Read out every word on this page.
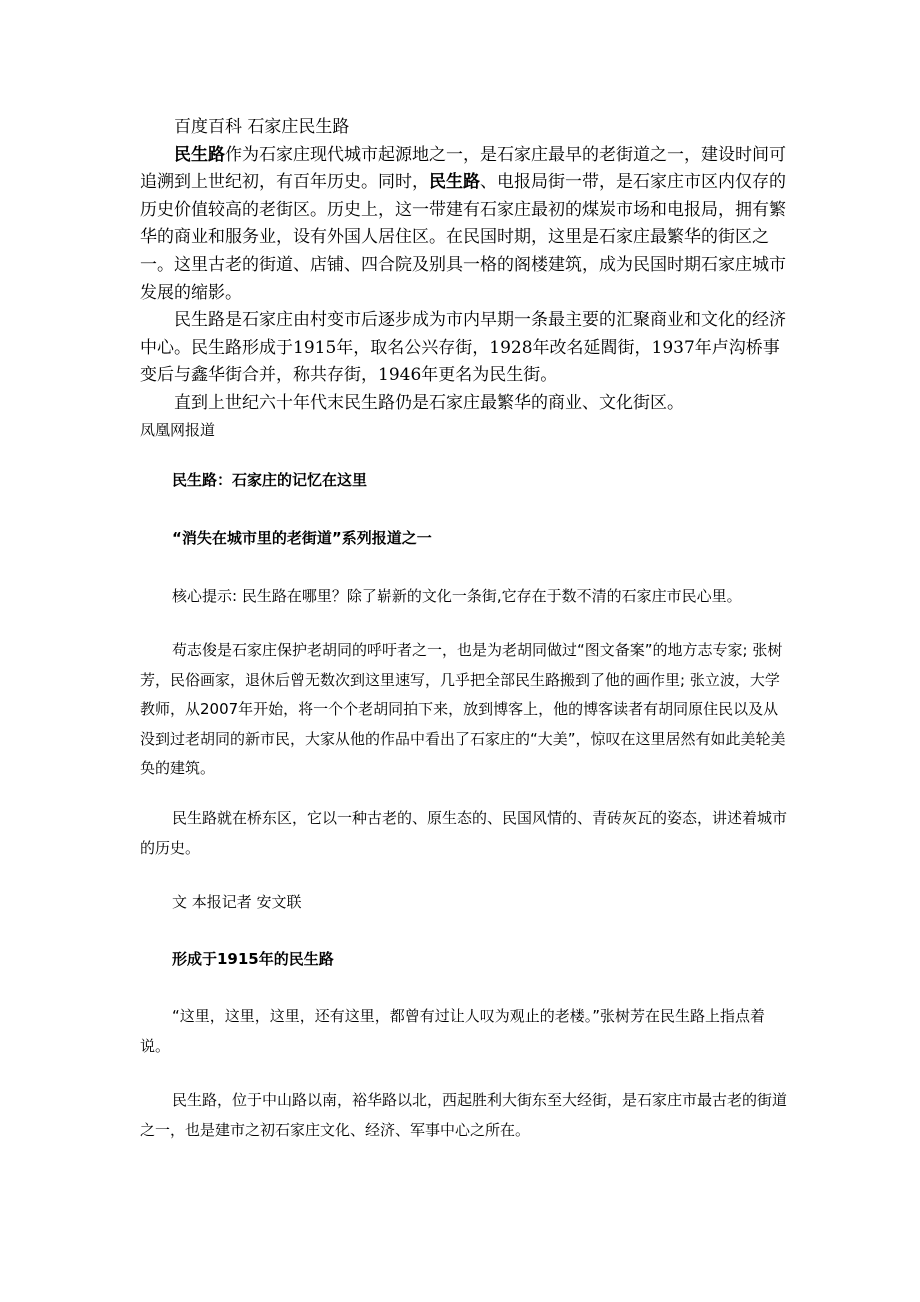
百度百科 石家庄民生路

民生路作为石家庄现代城市起源地之一，是石家庄最早的老街道之一，建设时间可追溯到上世纪初，有百年历史。同时，民生路、电报局街一带，是石家庄市区内仅存的历史价值较高的老街区。历史上，这一带建有石家庄最初的煤炭市场和电报局，拥有繁华的商业和服务业，设有外国人居住区。在民国时期，这里是石家庄最繁华的街区之一。这里古老的街道、店铺、四合院及别具一格的阁楼建筑，成为民国时期石家庄城市发展的缩影。

民生路是石家庄由村变市后逐步成为市内早期一条最主要的汇聚商业和文化的经济中心。民生路形成于1915年，取名公兴存街，1928年改名延閻街，1937年卢沟桥事变后与鑫华街合并，称共存街，1946年更名为民生街。

直到上世纪六十年代末民生路仍是石家庄最繁华的商业、文化街区。

凤凰网报道

民生路：石家庄的记忆在这里

“消失在城市里的老街道”系列报道之一

核心提示: 民生路在哪里？除了崭新的文化一条街,它存在于数不清的石家庄市民心里。

苟志俊是石家庄保护老胡同的呼吁者之一，也是为老胡同做过“图文备案”的地方志专家; 张树芳，民俗画家，退休后曾无数次到这里速写，几乎把全部民生路搬到了他的画作里; 张立波，大学教师，从2007年开始，将一个个老胡同拍下来，放到博客上，他的博客读者有胡同原住民以及从没到过老胡同的新市民，大家从他的作品中看出了石家庄的“大美”，惊叹在这里居然有如此美轮美奂的建筑。

民生路就在桥东区，它以一种古老的、原生态的、民国风情的、青砖灰瓦的姿态，讲述着城市的历史。

文 本报记者 安文联

形成于1915年的民生路

“这里，这里，这里，还有这里，都曾有过让人叹为观止的老楼。”张树芳在民生路上指点着说。

民生路，位于中山路以南，裕华路以北，西起胜利大街东至大经街，是石家庄市最古老的街道之一，也是建市之初石家庄文化、经济、军事中心之所在。
